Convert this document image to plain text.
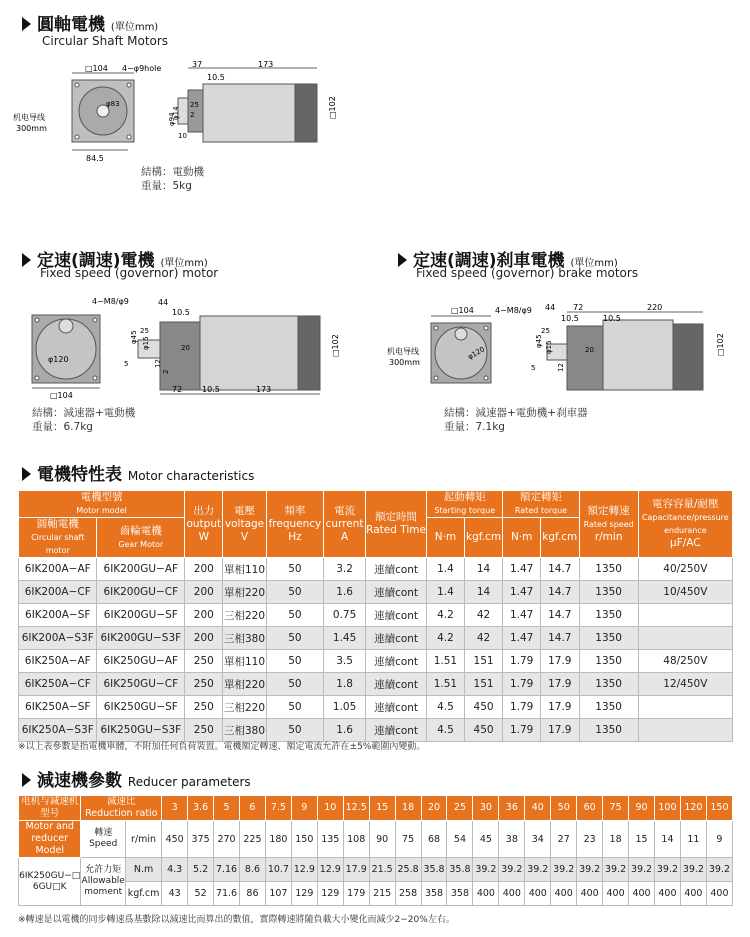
圓軸電機 (單位mm)
Circular Shaft Motors
□104 4−φ9hole
φ83
机电导线
300mm
84.5
37
10.5
173
25
2
φ94
φ14
10
□102
結構：電動機
重量：5kg
定速(調速)電機 (單位mm)
Fixed speed (governor) motor
4−M8/φ9
φ120
□104
44
10.5
25
φ45 φ15	20
5	12
2
72 10.5	173
□102
結構：減速器+電動機
重量：6.7kg
定速(調速)刹車電機 (單位mm)
Fixed speed (governor) brake motors
□104	4−M8/φ9
φ120
机电导线
300mm
44 72	220
10.5	10.5
25
φ45 φ15	20
5	12
□102
結構：減速器+電動機+刹車器
重量：7.1kg
電機特性表 Motor characteristics
電機型號
Motor model		出力
output
W	電壓
voltage
V	頻率
frequency
Hz	電流
current
A	額定時間
Rated Time	起動轉矩
Starting torque		額定轉矩
Rated torque		額定轉速
Rated speed
r/min	電容容量/耐壓
Capacitance/pressure endurance
μF/AC
圓軸電機
Circular shaft motor	齒輪電機
Gear Motor						N·m	kgf.cm	N·m	kgf.cm		
6IK200A−AF	6IK200GU−AF	200	單相110	50	3.2	連續cont	1.4	14	1.47	14.7	1350	40/250V
6IK200A−CF	6IK200GU−CF	200	單相220	50	1.6	連續cont	1.4	14	1.47	14.7	1350	10/450V
6IK200A−SF	6IK200GU−SF	200	三相220	50	0.75	連續cont	4.2	42	1.47	14.7	1350	
6IK200A−S3F	6IK200GU−S3F	200	三相380	50	1.45	連續cont	4.2	42	1.47	14.7	1350	
6IK250A−AF	6IK250GU−AF	250	單相110	50	3.5	連續cont	1.51	151	1.79	17.9	1350	48/250V
6IK250A−CF	6IK250GU−CF	250	單相220	50	1.8	連續cont	1.51	151	1.79	17.9	1350	12/450V
6IK250A−SF	6IK250GU−SF	250	三相220	50	1.05	連續cont	4.5	450	1.79	17.9	1350	
6IK250A−S3F	6IK250GU−S3F	250	三相380	50	1.6	連續cont	4.5	450	1.79	17.9	1350	
※以上表參數是指電機單體，不附加任何負荷裝置。電機額定轉速、額定電流允許在±5%範圍內變動。
減速機參數 Reducer parameters
电机与减速机
型号	減速比
Reduction ratio		3	3.6	5	6	7.5	9	10	12.5	15	18	20	25	30	36	40	50	60	75	90	100	120	150
Motor and
reducer Model	轉速
Speed	r/min	450	375	270	225	180	150	135	108	90	75	68	54	45	38	34	27	23	18	15	14	11	9
6IK250GU−□
6GU□K	允許力矩
Allowable
moment	N.m	4.3	5.2	7.16	8.6	10.7	12.9	12.9	17.9	21.5	25.8	35.8	35.8	39.2	39.2	39.2	39.2	39.2	39.2	39.2	39.2	39.2	39.2
		kgf.cm	43	52	71.6	86	107	129	129	179	215	258	358	358	400	400	400	400	400	400	400	400	400	400
※轉速是以電機的同步轉速爲基數除以減速比而算出的數值，實際轉速將隨負載大小變化而減少2−20%左右。
